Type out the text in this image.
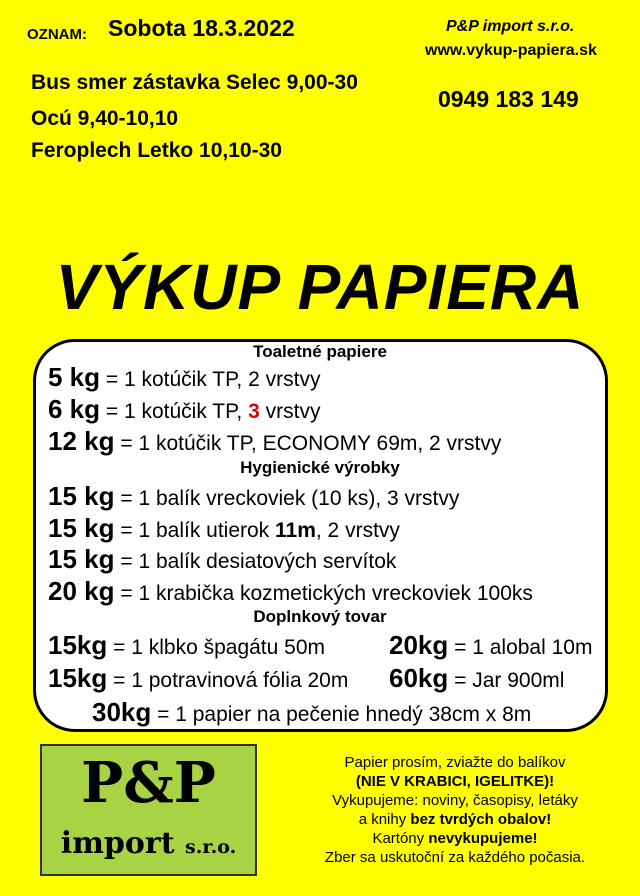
OZNAM: Sobota 18.3.2022	P&P import s.r.o.
www.vykup-papiera.sk
0949 183 149
Bus smer zástavka Selec 9,00-30
Ocú 9,40-10,10
Feroplech Letko 10,10-30
VÝKUP PAPIERA
Toaletné papiere
5 kg = 1 kotúčik TP, 2 vrstvy
6 kg = 1 kotúčik TP, 3 vrstvy
12 kg = 1 kotúčik TP, ECONOMY 69m, 2 vrstvy
Hygienické výrobky
15 kg = 1 balík vreckoviek (10 ks), 3 vrstvy
15 kg = 1 balík utierok 11m, 2 vrstvy
15 kg = 1 balík desiatových servítok
20 kg = 1 krabička kozmetických vreckoviek 100ks
Doplnkový tovar
15kg = 1 klbko špagátu 50m 20kg = 1 alobal 10m
15kg = 1 potravinová fólia 20m 60kg = Jar 900ml
30kg = 1 papier na pečenie hnedý 38cm x 8m
P&P
import s.r.o.
Papier prosím, zviažte do balíkov
(NIE V KRABICI, IGELITKE)!
Vykupujeme: noviny, časopisy, letáky
a knihy bez tvrdých obalov!
Kartóny nevykupujeme!
Zber sa uskutoční za každého počasia.
